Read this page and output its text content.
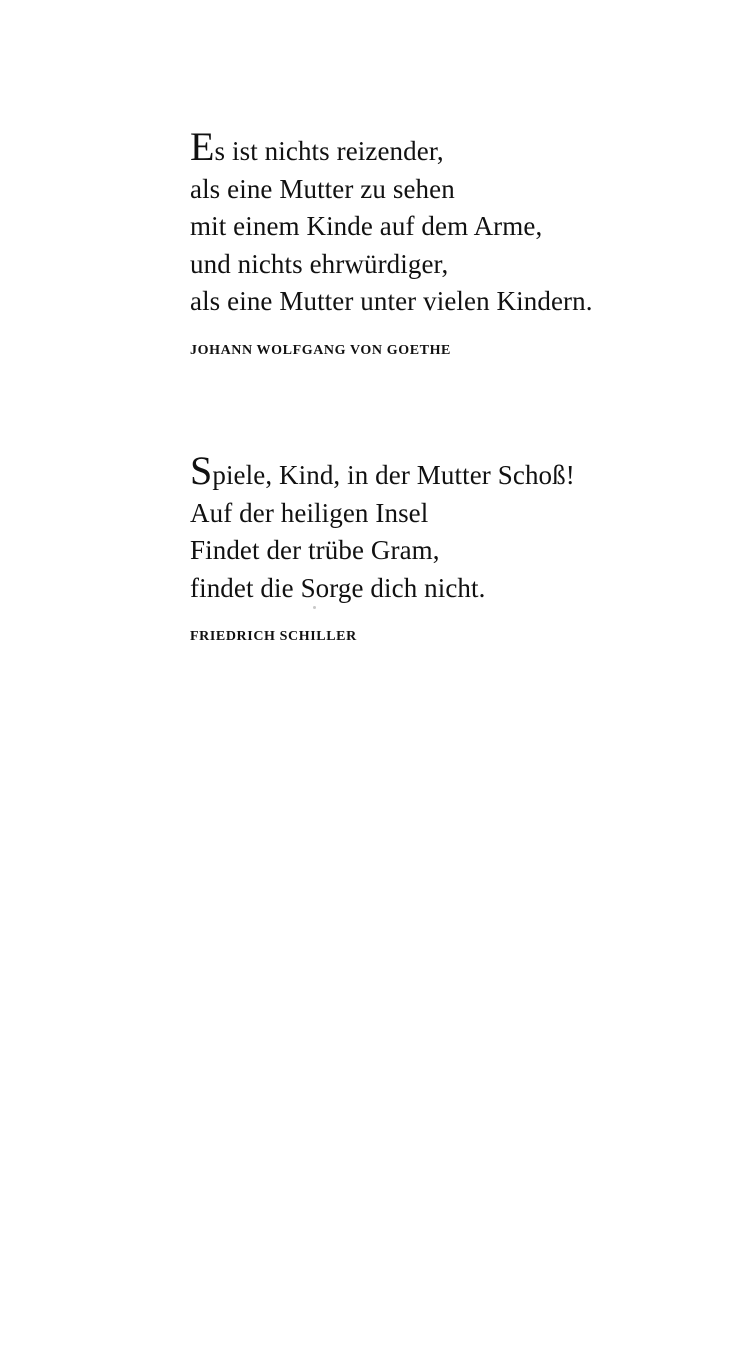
Es ist nichts reizender,
als eine Mutter zu sehen
mit einem Kinde auf dem Arme,
und nichts ehrwürdiger,
als eine Mutter unter vielen Kindern.
JOHANN WOLFGANG VON GOETHE
Spiele, Kind, in der Mutter Schoß!
Auf der heiligen Insel
Findet der trübe Gram,
findet die Sorge dich nicht.
FRIEDRICH SCHILLER
